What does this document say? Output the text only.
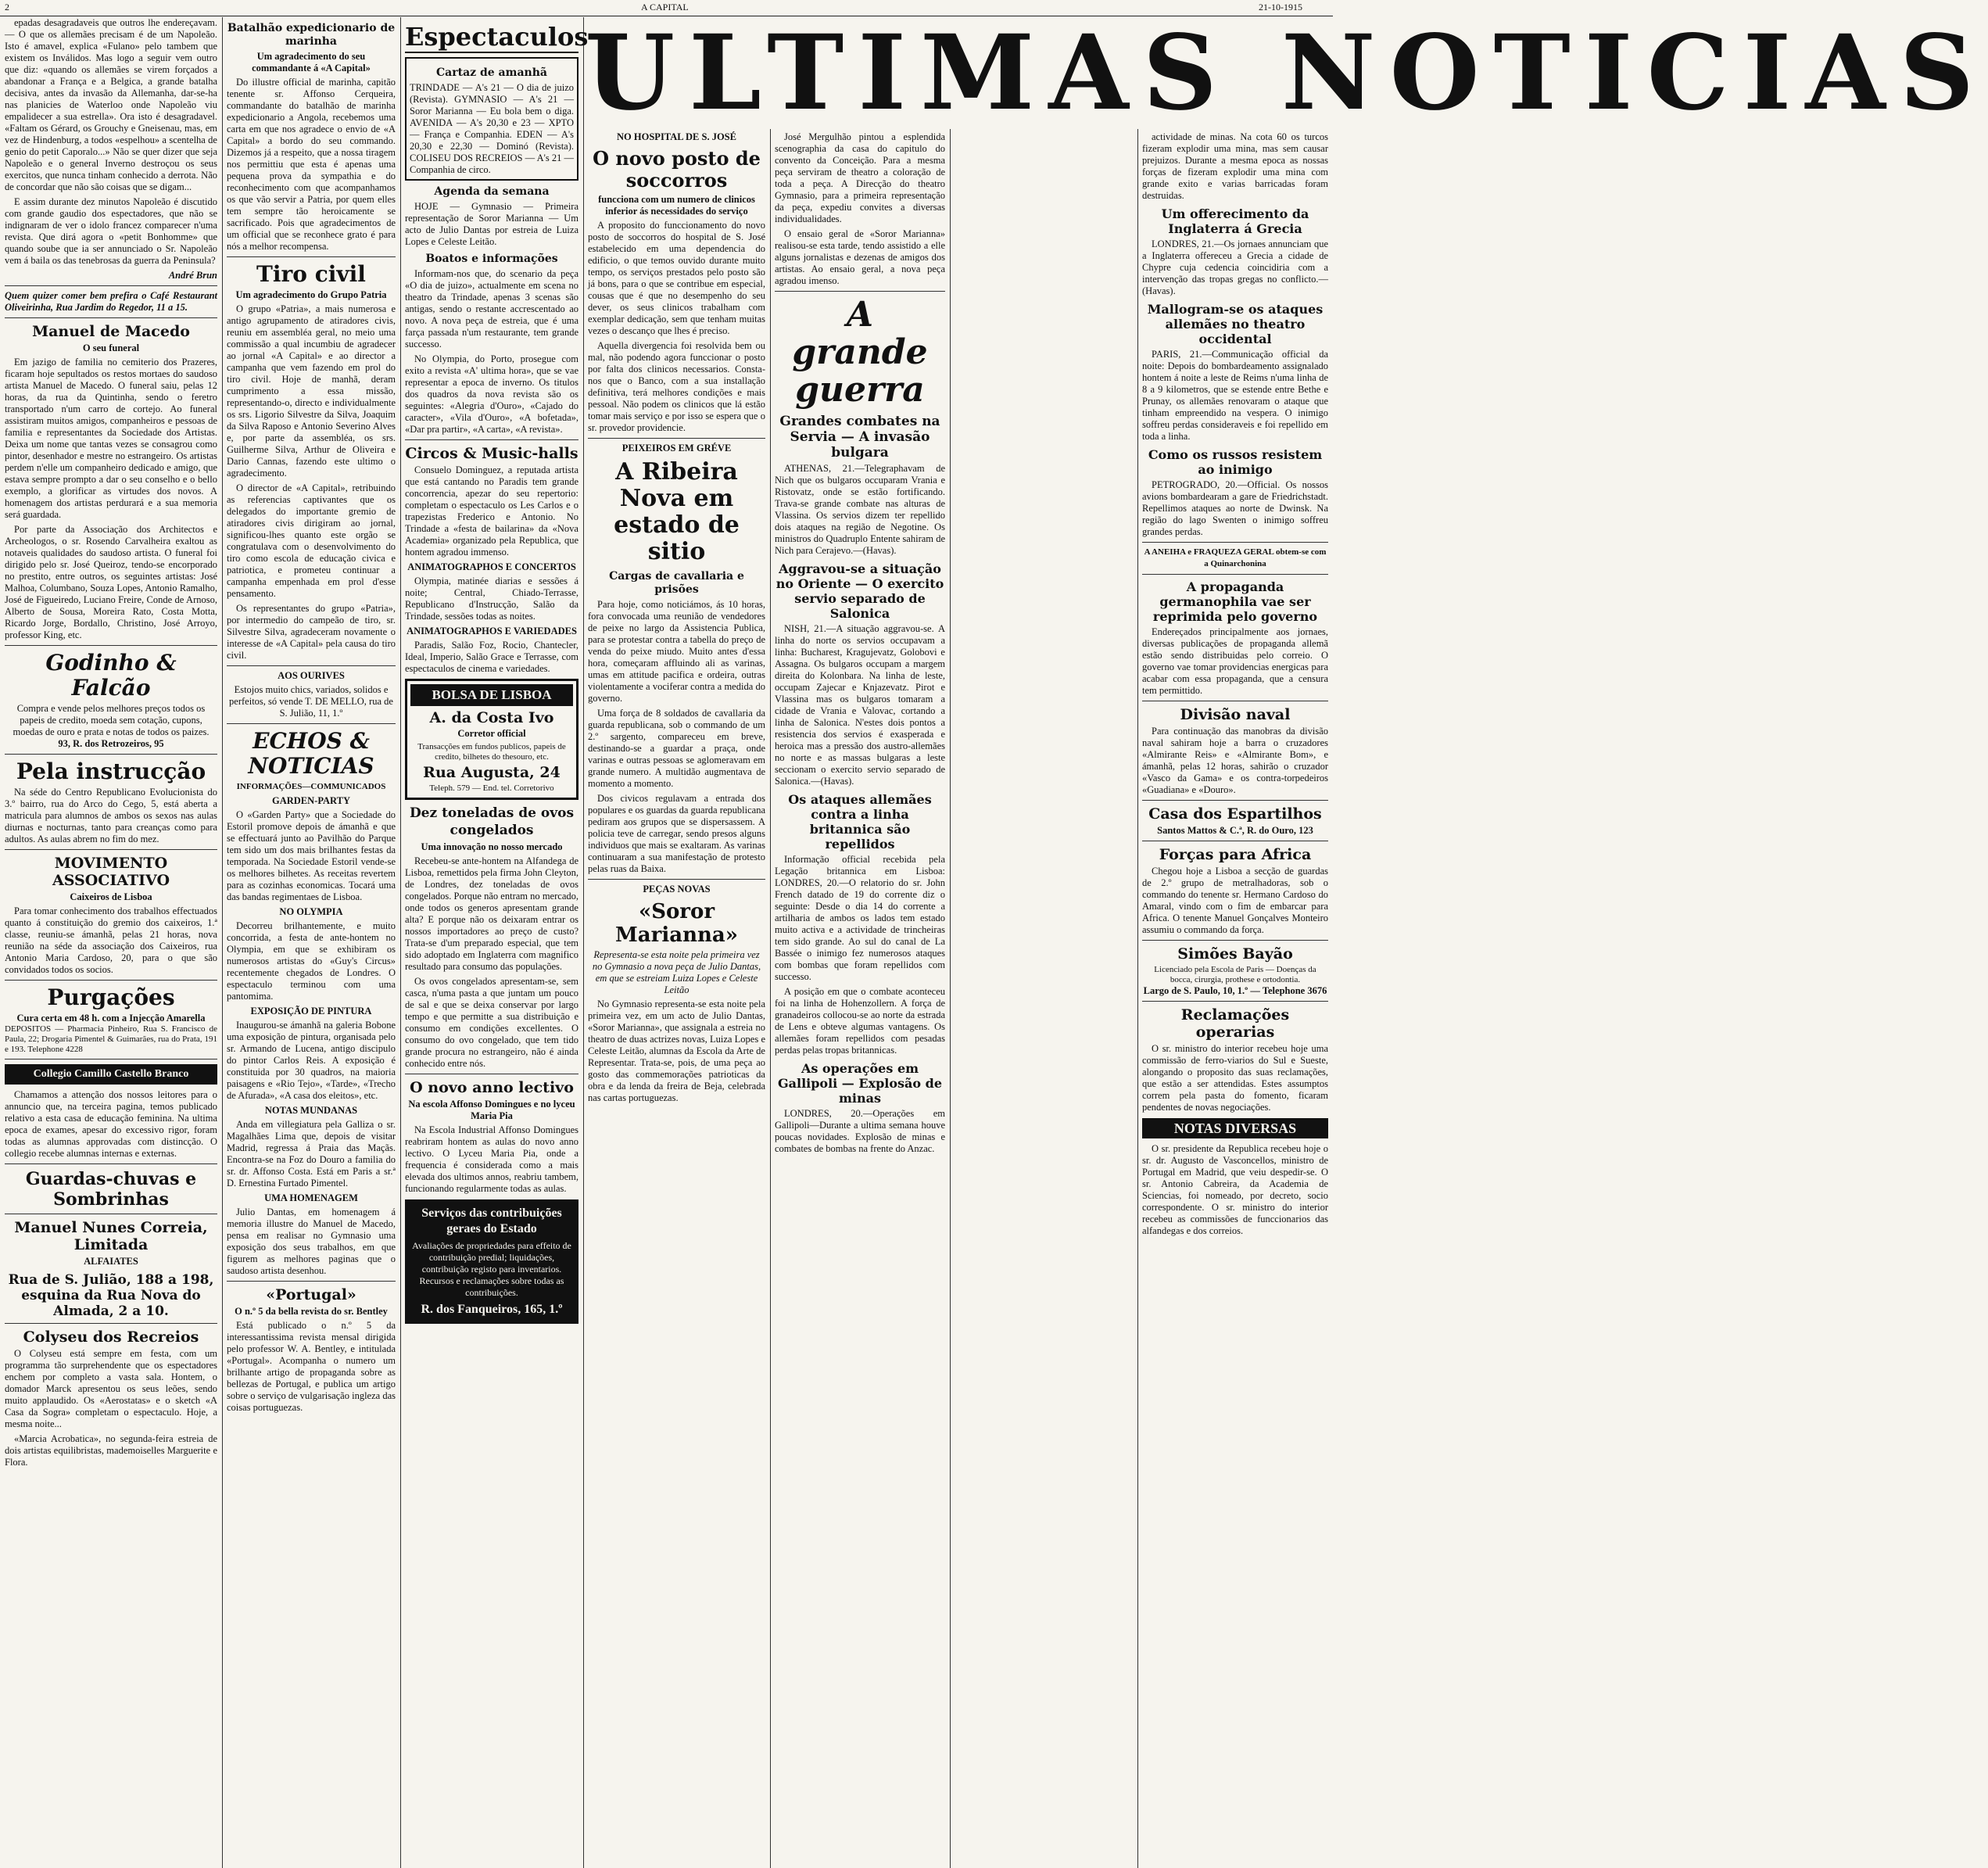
2	A CAPITAL	21-10-1915
ULTIMAS NOTICIAS

epadas desagradaveis que outros lhe endereçavam. — O que os allemães precisam é de um Napoleão. Isto é amavel, explica «Fulano» pelo tambem que existem os Inválidos. Mas logo a seguir vem outro que diz: «quando os allemães se virem forçados a abandonar a França e a Belgica, a grande batalha decisiva, antes da invasão da Allemanha, dar-se-ha nas planicies de Waterloo onde Napoleão viu empalidecer a sua estrella». Ora isto é desagradavel. «Faltam os Gérard, os Grouchy e Gneisenau, mas, em vez de Hindenburg, a todos «espelhou» a scentelha de genio do petit Caporalo...» Não se quer dizer que seja Napoleão e o general Inverno destroçou os seus exercitos, que nunca tinham conhecido a derrota. Não de concordar que não são coisas que se digam...

E assim durante dez minutos Napoleão é discutido com grande gaudio dos espectadores, que não se indignaram de ver o idolo francez comparecer n'uma revista. Que dirá agora o «petit Bonhomme» que quando soube que ia ser annunciado o Sr. Napoleão vem á baila os das tenebrosas da guerra da Peninsula?

André Brun
Quem quizer comer bem prefira o Café Restaurant Oliveirinha, Rua Jardim do Regedor, 11 a 15.
Manuel de Macedo
O seu funeral

Em jazigo de familia no cemiterio dos Prazeres, ficaram hoje sepultados os restos mortaes do saudoso artista Manuel de Macedo. O funeral saiu, pelas 12 horas, da rua da Quintinha, sendo o feretro transportado n'um carro de cortejo. Ao funeral assistiram muitos amigos, companheiros e pessoas de familia e representantes da Sociedade dos Artistas. Deixa um nome que tantas vezes se consagrou como pintor, desenhador e mestre no estrangeiro. Os artistas perdem n'elle um companheiro dedicado e amigo, que estava sempre prompto a dar o seu conselho e o bello exemplo, a glorificar as virtudes dos novos. A homenagem dos artistas perdurará e a sua memoria será guardada.

Por parte da Associação dos Architectos e Archeologos, o sr. Rosendo Carvalheira exaltou as notaveis qualidades do saudoso artista. O funeral foi dirigido pelo sr. José Queiroz, tendo-se encorporado no prestito, entre outros, os seguintes artistas: José Malhoa, Columbano, Souza Lopes, Antonio Ramalho, José de Figueiredo, Luciano Freire, Conde de Arnoso, Alberto de Sousa, Moreira Rato, Costa Motta, Ricardo Jorge, Bordallo, Christino, José Arroyo, professor King, etc.

Godinho & Falcão
Compra e vende pelos melhores preços todos os papeis de credito, moeda sem cotação, cupons, moedas de ouro e prata e notas de todos os paizes.
93, R. dos Retrozeiros, 95
Pela instrucção

Na séde do Centro Republicano Evolucionista do 3.º bairro, rua do Arco do Cego, 5, está aberta a matricula para alumnos de ambos os sexos nas aulas diurnas e nocturnas, tanto para creanças como para adultos. As aulas abrem no fim do mez.

MOVIMENTO ASSOCIATIVO
Caixeiros de Lisboa

Para tomar conhecimento dos trabalhos effectuados quanto á constituição do gremio dos caixeiros, 1.ª classe, reuniu-se ámanhã, pelas 21 horas, nova reunião na séde da associação dos Caixeiros, rua Antonio Maria Cardoso, 20, para o que são convidados todos os socios.

Purgações
Cura certa em 48 h. com a Injecção Amarella
DEPOSITOS — Pharmacia Pinheiro, Rua S. Francisco de Paula, 22; Drogaria Pimentel & Guimarães, rua do Prata, 191 e 193. Telephone 4228
Collegio Camillo Castello Branco

Chamamos a attenção dos nossos leitores para o annuncio que, na terceira pagina, temos publicado relativo a esta casa de educação feminina. Na ultima epoca de exames, apesar do excessivo rigor, foram todas as alumnas approvadas com distincção. O collegio recebe alumnas internas e externas.

Guardas-chuvas e Sombrinhas
Manuel Nunes Correia, Limitada
ALFAIATES
Rua de S. Julião, 188 a 198, esquina da Rua Nova do Almada, 2 a 10.
Colyseu dos Recreios

O Colyseu está sempre em festa, com um programma tão surprehendente que os espectadores enchem por completo a vasta sala. Hontem, o domador Marck apresentou os seus leões, sendo muito applaudido. Os «Aerostatas» e o sketch «A Casa da Sogra» completam o espectaculo. Hoje, a mesma noite...

«Marcia Acrobatica», no segunda-feira estreia de dois artistas equilibristas, mademoiselles Marguerite e Flora.

Batalhão expedicionario de marinha
Um agradecimento do seu commandante á «A Capital»

Do illustre official de marinha, capitão tenente sr. Affonso Cerqueira, commandante do batalhão de marinha expedicionario a Angola, recebemos uma carta em que nos agradece o envio de «A Capital» a bordo do seu commando. Dizemos já a respeito, que a nossa tiragem nos permittiu que esta é apenas uma pequena prova da sympathia e do reconhecimento com que acompanhamos os que vão servir a Patria, por quem elles tem sempre tão heroicamente se sacrificado. Pois que agradecimentos de um official que se reconhece grato é para nós a melhor recompensa.

Tiro civil
Um agradecimento do Grupo Patria

O grupo «Patria», a mais numerosa e antigo agrupamento de atiradores civis, reuniu em assembléa geral, no meio uma commissão a qual incumbiu de agradecer ao jornal «A Capital» e ao director a campanha que vem fazendo em prol do tiro civil. Hoje de manhã, deram cumprimento a essa missão, representando-o, directo e individualmente os srs. Ligorio Silvestre da Silva, Joaquim da Silva Raposo e Antonio Severino Alves e, por parte da assembléa, os srs. Guilherme Silva, Arthur de Oliveira e Dario Cannas, fazendo este ultimo o agradecimento.

O director de «A Capital», retribuindo as referencias captivantes que os delegados do importante gremio de atiradores civis dirigiram ao jornal, significou-lhes quanto este orgão se congratulava com o desenvolvimento do tiro como escola de educação civica e patriotica, e prometeu continuar a campanha empenhada em prol d'esse pensamento.

Os representantes do grupo «Patria», por intermedio do campeão de tiro, sr. Silvestre Silva, agradeceram novamente o interesse de «A Capital» pela causa do tiro civil.

AOS OURIVES
Estojos muito chics, variados, solidos e perfeitos, só vende T. DE MELLO, rua de S. Julião, 11, 1.º
ECHOS & NOTICIAS
INFORMAÇÕES—COMMUNICADOS
GARDEN-PARTY

O «Garden Party» que a Sociedade do Estoril promove depois de ámanhã e que se effectuará junto ao Pavilhão do Parque tem sido um dos mais brilhantes festas da temporada. Na Sociedade Estoril vende-se os melhores bilhetes. As receitas revertem para as cozinhas economicas. Tocará uma das bandas regimentaes de Lisboa.

NO OLYMPIA

Decorreu brilhantemente, e muito concorrida, a festa de ante-hontem no Olympia, em que se exhibiram os numerosos artistas do «Guy's Circus» recentemente chegados de Londres. O espectaculo terminou com uma pantomima.

EXPOSIÇÃO DE PINTURA

Inaugurou-se ámanhã na galeria Bobone uma exposição de pintura, organisada pelo sr. Armando de Lucena, antigo discipulo do pintor Carlos Reis. A exposição é constituida por 30 quadros, na maioria paisagens e «Rio Tejo», «Tarde», «Trecho de Afurada», «A casa dos eleitos», etc.

NOTAS MUNDANAS

Anda em villegiatura pela Galliza o sr. Magalhães Lima que, depois de visitar Madrid, regressa á Praia das Maçãs. Encontra-se na Foz do Douro a familia do sr. dr. Affonso Costa. Está em Paris a sr.ª D. Ernestina Furtado Pimentel.

UMA HOMENAGEM

Julio Dantas, em homenagem á memoria illustre do Manuel de Macedo, pensa em realisar no Gymnasio uma exposição dos seus trabalhos, em que figurem as melhores paginas que o saudoso artista desenhou.

«Portugal»
O n.º 5 da bella revista do sr. Bentley

Está publicado o n.º 5 da interessantissima revista mensal dirigida pelo professor W. A. Bentley, e intitulada «Portugal». Acompanha o numero um brilhante artigo de propaganda sobre as bellezas de Portugal, e publica um artigo sobre o serviço de vulgarisação ingleza das coisas portuguezas.

Espectaculos
Cartaz de amanhã
TRINDADE — A's 21 — O dia de juizo (Revista). GYMNASIO — A's 21 — Soror Marianna — Eu bola bem o diga. AVENIDA — A's 20,30 e 23 — XPTO — França e Companhia. EDEN — A's 20,30 e 22,30 — Dominó (Revista). COLISEU DOS RECREIOS — A's 21 — Companhia de circo.
Agenda da semana

HOJE — Gymnasio — Primeira representação de Soror Marianna — Um acto de Julio Dantas por estreia de Luiza Lopes e Celeste Leitão.

Boatos e informações

Informam-nos que, do scenario da peça «O dia de juizo», actualmente em scena no theatro da Trindade, apenas 3 scenas são antigas, sendo o restante accrescentado ao novo. A nova peça de estreia, que é uma farça passada n'um restaurante, tem grande successo.

No Olympia, do Porto, prosegue com exito a revista «A' ultima hora», que se vae representar a epoca de inverno. Os titulos dos quadros da nova revista são os seguintes: «Alegria d'Ouro», «Cajado do caracter», «Vila d'Ouro», «A bofetada», «Dar pra partir», «A carta», «A revista».

Circos & Music-halls

Consuelo Dominguez, a reputada artista que está cantando no Paradis tem grande concorrencia, apezar do seu repertorio: completam o espectaculo os Les Carlos e o trapezistas Frederico e Antonio. No Trindade a «festa de bailarina» da «Nova Academia» organizado pela Republica, que hontem agradou immenso.

ANIMATOGRAPHOS E CONCERTOS

Olympia, matinée diarias e sessões á noite; Central, Chiado-Terrasse, Republicano d'Instrucção, Salão da Trindade, sessões todas as noites.

ANIMATOGRAPHOS E VARIEDADES

Paradis, Salão Foz, Rocio, Chantecler, Ideal, Imperio, Salão Grace e Terrasse, com espectaculos de cinema e variedades.

BOLSA DE LISBOA
A. da Costa Ivo
Corretor official
Transacções em fundos publicos, papeis de credito, bilhetes do thesouro, etc.
Rua Augusta, 24
Teleph. 579 — End. tel. Corretorivo
Dez toneladas de ovos congelados
Uma innovação no nosso mercado

Recebeu-se ante-hontem na Alfandega de Lisboa, remettidos pela firma John Cleyton, de Londres, dez toneladas de ovos congelados. Porque não entram no mercado, onde todos os generos apresentam grande alta? E porque não os deixaram entrar os nossos importadores ao preço de custo? Trata-se d'um preparado especial, que tem sido adoptado em Inglaterra com magnifico resultado para consumo das populações.

Os ovos congelados apresentam-se, sem casca, n'uma pasta a que juntam um pouco de sal e que se deixa conservar por largo tempo e que permitte a sua distribuição e consumo em condições excellentes. O consumo do ovo congelado, que tem tido grande procura no estrangeiro, não é ainda conhecido entre nós.

O novo anno lectivo
Na escola Affonso Domingues e no lyceu Maria Pia

Na Escola Industrial Affonso Domingues reabriram hontem as aulas do novo anno lectivo. O Lyceu Maria Pia, onde a frequencia é considerada como a mais elevada dos ultimos annos, reabriu tambem, funcionando regularmente todas as aulas.

Serviços das contribuições geraes do Estado
Avaliações de propriedades para effeito de contribuição predial; liquidações, contribuição registo para inventarios. Recursos e reclamações sobre todas as contribuições.
R. dos Fanqueiros, 165, 1.º
NO HOSPITAL DE S. JOSÉ
O novo posto de soccorros
funcciona com um numero de clinicos inferior ás necessidades do serviço

A proposito do funccionamento do novo posto de soccorros do hospital de S. José estabelecido em uma dependencia do edificio, o que temos ouvido durante muito tempo, os serviços prestados pelo posto são já bons, para o que se contribue em especial, cousas que é que no desempenho do seu dever, os seus clinicos trabalham com exemplar dedicação, sem que tenham muitas vezes o descanço que lhes é preciso.

Aquella divergencia foi resolvida bem ou mal, não podendo agora funccionar o posto por falta dos clinicos necessarios. Consta-nos que o Banco, com a sua installação definitiva, terá melhores condições e mais pessoal. Não podem os clinicos que lá estão tomar mais serviço e por isso se espera que o sr. provedor providencie.

PEIXEIROS EM GRÉVE
A Ribeira Nova em estado de sitio
Cargas de cavallaria e prisões

Para hoje, como noticiámos, ás 10 horas, fora convocada uma reunião de vendedores de peixe no largo da Assistencia Publica, para se protestar contra a tabella do preço de venda do peixe miudo. Muito antes d'essa hora, começaram affluindo ali as varinas, umas em attitude pacifica e ordeira, outras violentamente a vociferar contra a medida do governo.

Uma força de 8 soldados de cavallaria da guarda republicana, sob o commando de um 2.º sargento, compareceu em breve, destinando-se a guardar a praça, onde varinas e outras pessoas se aglomeravam em grande numero. A multidão augmentava de momento a momento.

Dos civicos regulavam a entrada dos populares e os guardas da guarda republicana pediram aos grupos que se dispersassem. A policia teve de carregar, sendo presos alguns individuos que mais se exaltaram. As varinas continuaram a sua manifestação de protesto pelas ruas da Baixa.

PEÇAS NOVAS
«Soror Marianna»
Representa-se esta noite pela primeira vez no Gymnasio a nova peça de Julio Dantas, em que se estreiam Luiza Lopes e Celeste Leitão

No Gymnasio representa-se esta noite pela primeira vez, em um acto de Julio Dantas, «Soror Marianna», que assignala a estreia no theatro de duas actrizes novas, Luiza Lopes e Celeste Leitão, alumnas da Escola da Arte de Representar. Trata-se, pois, de uma peça ao gosto das commemorações patrioticas da obra e da lenda da freira de Beja, celebrada nas cartas portuguezas.

José Mergulhão pintou a esplendida scenographia da casa do capitulo do convento da Conceição. Para a mesma peça serviram de theatro a coloração de toda a peça. A Direcção do theatro Gymnasio, para a primeira representação da peça, expediu convites a diversas individualidades.

O ensaio geral de «Soror Marianna» realisou-se esta tarde, tendo assistido a elle alguns jornalistas e dezenas de amigos dos artistas. Ao ensaio geral, a nova peça agradou imenso.

A grande guerra
Grandes combates na Servia — A invasão bulgara

ATHENAS, 21.—Telegraphavam de Nich que os bulgaros occuparam Vrania e Ristovatz, onde se estão fortificando. Trava-se grande combate nas alturas de Vlassina. Os servios dizem ter repellido dois ataques na região de Negotine. Os ministros do Quadruplo Entente sahiram de Nich para Cerajevo.—(Havas).

Aggravou-se a situação no Oriente — O exercito servio separado de Salonica

NISH, 21.—A situação aggravou-se. A linha do norte os servios occupavam a linha: Bucharest, Kragujevatz, Golobovi e Assagna. Os bulgaros occupam a margem direita do Kolonbara. Na linha de leste, occupam Zajecar e Knjazevatz. Pirot e Vlassina mas os bulgaros tomaram a cidade de Vrania e Valovac, cortando a linha de Salonica. N'estes dois pontos a resistencia dos servios é exasperada e heroica mas a pressão dos austro-allemães no norte e as massas bulgaras a leste seccionam o exercito servio separado de Salonica.—(Havas).

Os ataques allemães contra a linha britannica são repellidos

Informação official recebida pela Legação britannica em Lisboa: LONDRES, 20.—O relatorio do sr. John French datado de 19 do corrente diz o seguinte: Desde o dia 14 do corrente a artilharia de ambos os lados tem estado muito activa e a actividade de trincheiras tem sido grande. Ao sul do canal de La Bassée o inimigo fez numerosos ataques com bombas que foram repellidos com successo.

A posição em que o combate aconteceu foi na linha de Hohenzollern. A força de granadeiros collocou-se ao norte da estrada de Lens e obteve algumas vantagens. Os allemães foram repellidos com pesadas perdas pelas tropas britannicas.

As operações em Gallipoli — Explosão de minas

LONDRES, 20.—Operações em Gallipoli—Durante a ultima semana houve poucas novidades. Explosão de minas e combates de bombas na frente do Anzac.

actividade de minas. Na cota 60 os turcos fizeram explodir uma mina, mas sem causar prejuizos. Durante a mesma epoca as nossas forças de fizeram explodir uma mina com grande exito e varias barricadas foram destruidas.

Um offerecimento da Inglaterra á Grecia

LONDRES, 21.—Os jornaes annunciam que a Inglaterra offereceu a Grecia a cidade de Chypre cuja cedencia coincidiria com a intervenção das tropas gregas no conflicto.—(Havas).

Mallogram-se os ataques allemães no theatro occidental

PARIS, 21.—Communicação official da noite: Depois do bombardeamento assignalado hontem á noite a leste de Reims n'uma linha de 8 a 9 kilometros, que se estende entre Bethe e Prunay, os allemães renovaram o ataque que tinham empreendido na vespera. O inimigo soffreu perdas consideraveis e foi repellido em toda a linha.

Como os russos resistem ao inimigo

PETROGRADO, 20.—Official. Os nossos avions bombardearam a gare de Friedrichstadt. Repellimos ataques ao norte de Dwinsk. Na região do lago Swenten o inimigo soffreu grandes perdas.

A ANEIHA e FRAQUEZA GERAL obtem-se com a Quinarchonina
A propaganda germanophila vae ser reprimida pelo governo

Endereçados principalmente aos jornaes, diversas publicações de propaganda allemã estão sendo distribuidas pelo correio. O governo vae tomar providencias energicas para acabar com essa propaganda, que a censura tem permittido.

Divisão naval

Para continuação das manobras da divisão naval sahiram hoje a barra o cruzadores «Almirante Reis» e «Almirante Bom», e ámanhã, pelas 12 horas, sahirão o cruzador «Vasco da Gama» e os contra-torpedeiros «Guadiana» e «Douro».

Casa dos Espartilhos
Santos Mattos & C.ª, R. do Ouro, 123
Forças para Africa

Chegou hoje a Lisboa a secção de guardas de 2.º grupo de metralhadoras, sob o commando do tenente sr. Hermano Cardoso do Amaral, vindo com o fim de embarcar para Africa. O tenente Manuel Gonçalves Monteiro assumiu o commando da força.

Simões Bayão
Licenciado pela Escola de Paris — Doenças da bocca, cirurgia, prothese e ortodontia.
Largo de S. Paulo, 10, 1.º — Telephone 3676
Reclamações operarias

O sr. ministro do interior recebeu hoje uma commissão de ferro-viarios do Sul e Sueste, alongando o proposito das suas reclamações, que estão a ser attendidas. Estes assumptos correm pela pasta do fomento, ficaram pendentes de novas negociações.

NOTAS DIVERSAS

O sr. presidente da Republica recebeu hoje o sr. dr. Augusto de Vasconcellos, ministro de Portugal em Madrid, que veiu despedir-se. O sr. Antonio Cabreira, da Academia de Sciencias, foi nomeado, por decreto, socio correspondente. O sr. ministro do interior recebeu as commissões de funccionarios das alfandegas e dos correios.
